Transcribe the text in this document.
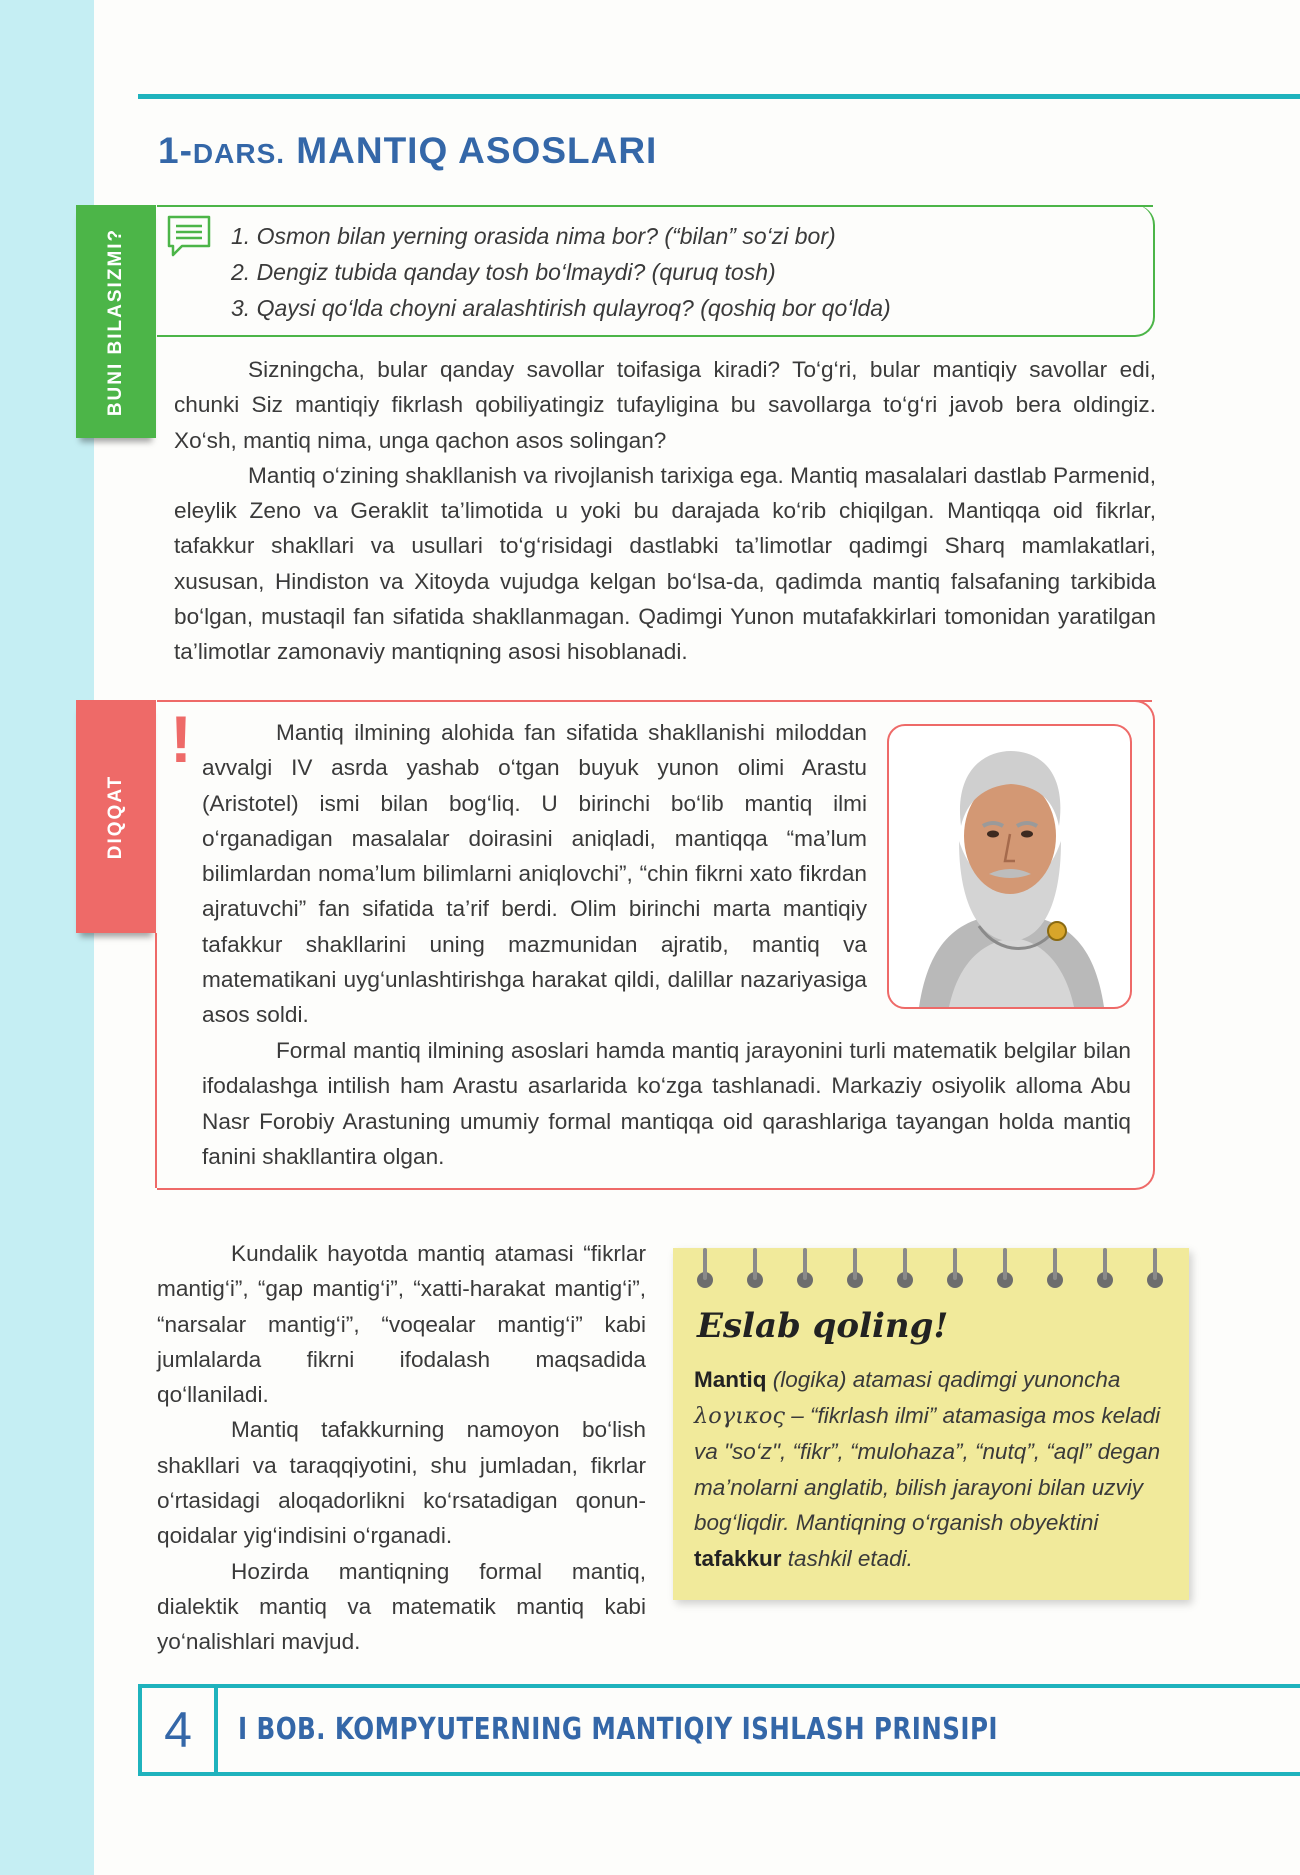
1-DARS. MANTIQ ASOSLARI
BUNI BILASIZMI?	1. Osmon bilan yerning orasida nima bor? (“bilan” so‘zi bor)
2. Dengiz tubida qanday tosh bo‘lmaydi? (quruq tosh)
3. Qaysi qo‘lda choyni aralashtirish qulayroq? (qoshiq bor qo‘lda)

Sizningcha, bular qanday savollar toifasiga kiradi? To‘g‘ri, bular mantiqiy savollar edi, chunki Siz mantiqiy fikrlash qobiliyatingiz tufayligina bu savollarga to‘g‘ri javob bera oldingiz. Xo‘sh, mantiq nima, unga qachon asos solingan?

Mantiq o‘zining shakllanish va rivojlanish tarixiga ega. Mantiq masalalari dastlab Parmenid, eleylik Zeno va Geraklit ta’limotida u yoki bu darajada ko‘rib chiqilgan. Mantiqqa oid fikrlar, tafakkur shakllari va usullari to‘g‘risidagi dastlabki ta’limotlar qadimgi Sharq mamlakatlari, xususan, Hindiston va Xitoyda vujudga kelgan bo‘lsa-da, qadimda mantiq falsafaning tarkibida bo‘lgan, mustaqil fan sifatida shakllanmagan. Qadimgi Yunon mutafakkirlari tomonidan yaratilgan ta’limotlar zamonaviy mantiqning asosi hisoblanadi.

DIQQAT
!	Mantiq ilmining alohida fan sifatida shakllanishi miloddan avvalgi IV asrda yashab o‘tgan buyuk yunon olimi Arastu (Aristotel) ismi bilan bog‘liq. U birinchi bo‘lib mantiq ilmi o‘rganadigan masalalar doirasini aniqladi, mantiqqa “ma’lum bilimlardan noma’lum bilimlarni aniqlovchi”, “chin fikrni xato fikrdan ajratuvchi” fan sifatida ta’rif berdi. Olim birinchi marta mantiqiy tafakkur shakllarini uning mazmunidan ajratib, mantiq va matematikani uyg‘unlashtirishga harakat qildi, dalillar nazariyasiga asos soldi.

Formal mantiq ilmining asoslari hamda mantiq jarayonini turli matematik belgilar bilan ifodalashga intilish ham Arastu asarlarida ko‘zga tashlanadi. Markaziy osiyolik alloma Abu Nasr Forobiy Arastuning umumiy formal mantiqqa oid qarashlariga tayangan holda mantiq fanini shakllantira olgan.

Kundalik hayotda mantiq atamasi “fikrlar mantig‘i”, “gap mantig‘i”, “xatti-harakat mantig‘i”, “narsalar mantig‘i”, “voqealar mantig‘i” kabi jumlalarda fikrni ifodalash maqsadida qo‘llaniladi.

Mantiq tafakkurning namoyon bo‘lish shakllari va taraqqiyotini, shu jumladan, fikrlar o‘rtasidagi aloqadorlikni ko‘rsatadigan qonun-qoidalar yig‘indisini o‘rganadi.

Hozirda mantiqning formal mantiq, dialektik mantiq va matematik mantiq kabi yo‘nalishlari mavjud.

Eslab qoling!
Mantiq (logika) atamasi qadimgi yunoncha λογικος – “fikrlash ilmi” atamasiga mos keladi va "so‘z", “fikr”, “mulohaza”, “nutq”, “aql” degan ma’nolarni anglatib, bilish jarayoni bilan uzviy bog‘liqdir. Mantiqning o‘rganish obyektini tafakkur tashkil etadi.
4	I BOB. KOMPYUTERNING MANTIQIY ISHLASH PRINSIPI
